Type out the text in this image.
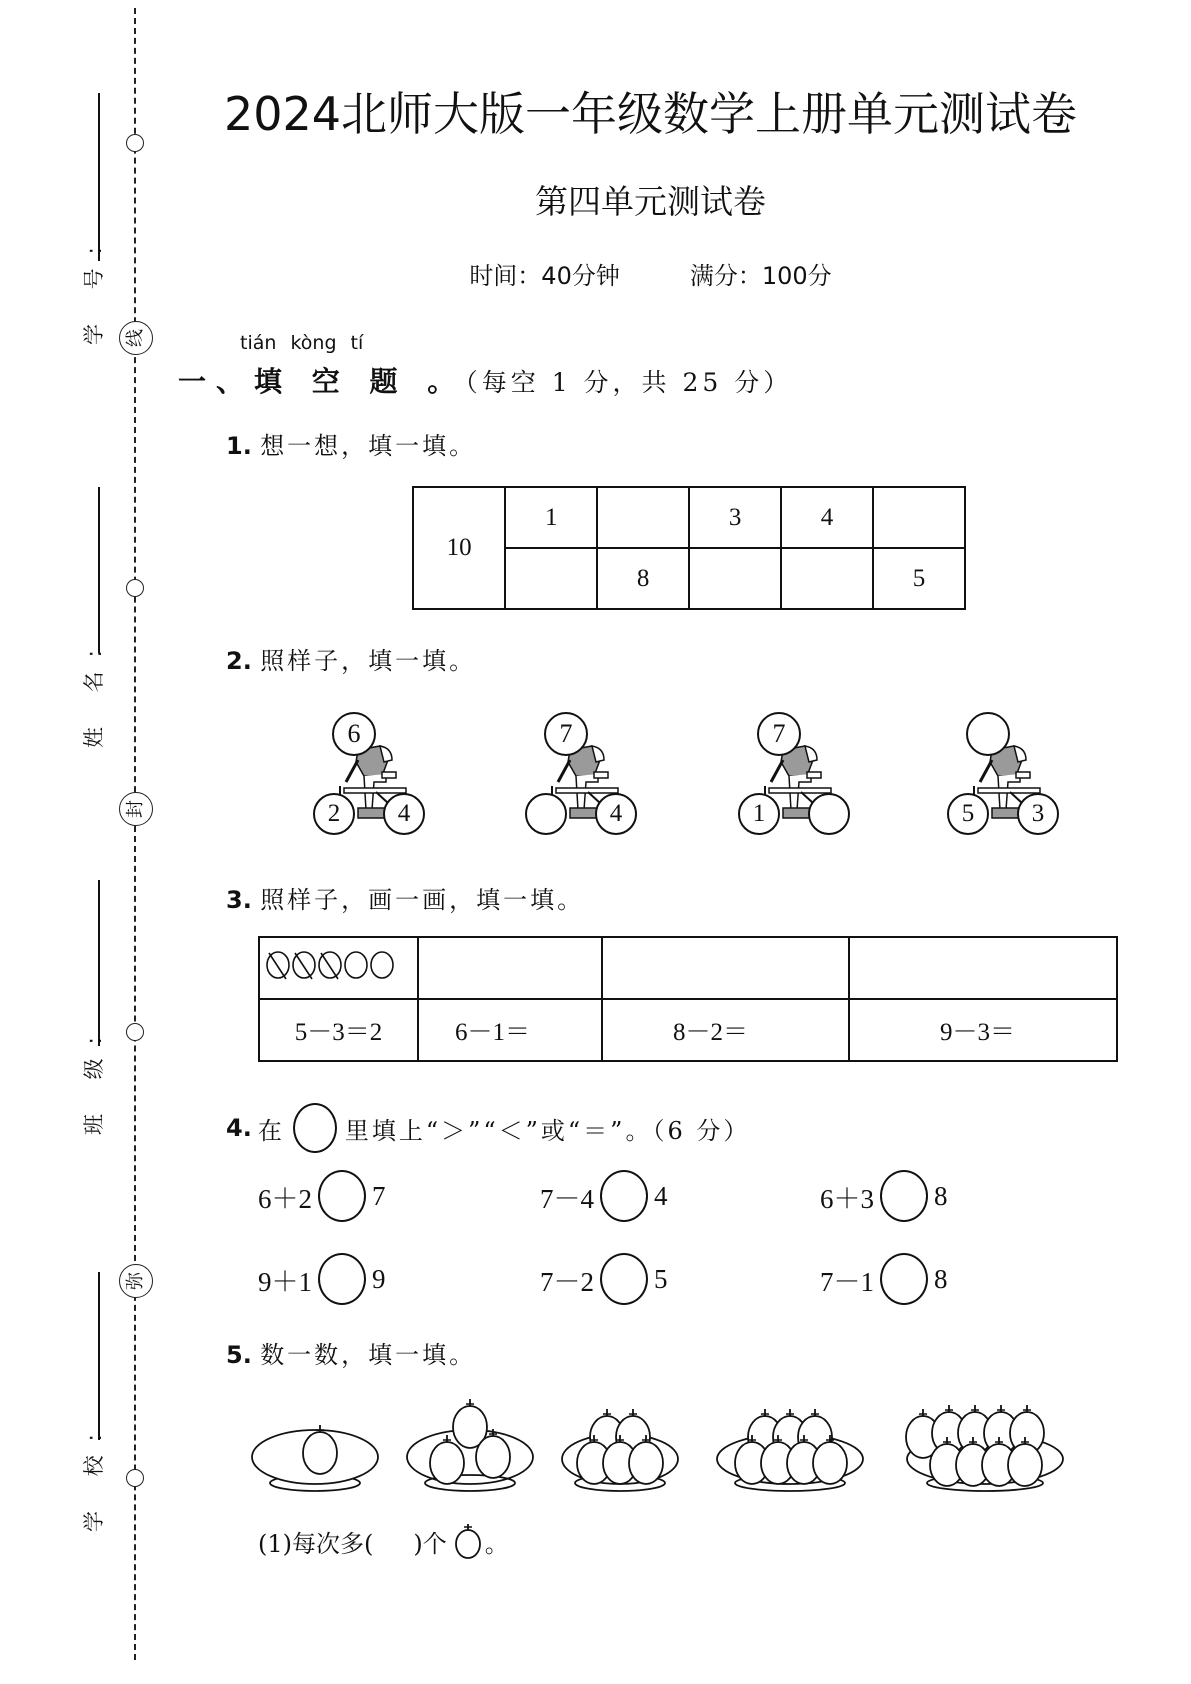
学 号:	线
姓 名:
封
班 级:
弥
学 校:
2024北师大版一年级数学上册单元测试卷
第四单元测试卷
时间：40分钟	满分：100分
tián kòng tí
一、填 空 题 。（每空 1 分，共 25 分）
1. 想一想，填一填。
10	1		3	4	
		8			5
2. 照样子，填一填。
6
2	4
7
4
7
1	5	3
3. 照样子，画一画，填一填。

5－3＝2	6－1＝	8－2＝	9－3＝
4. 在	里填上“＞”“＜”或“＝”。（6 分）
6＋2 7	7－4 4	6＋3 8
9＋1 9	7－2 5	7－1 8
5. 数一数，填一填。
(1)每次多( )个 。
